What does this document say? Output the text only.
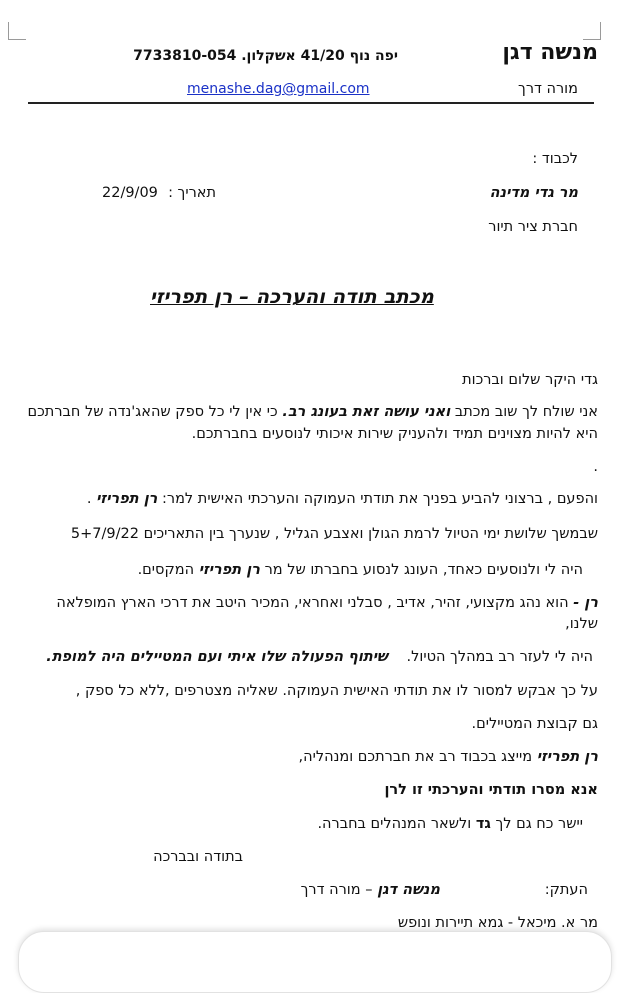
מנשה דגן
יפה נוף 41/20 אשקלון. 7733810-054
מורה דרך
menashe.dag@gmail.com
לכבוד :
מר גדי מדינה
תאריך :
22/9/09
חברת ציר תיור
מכתב תודה והערכה – רן תפריזי
גדי היקר שלום וברכות
אני שולח לך שוב מכתב ואני עושה זאת בעונג רב. כי אין לי כל ספק שהאג'נדה של חברתכם
היא להיות מצוינים תמיד ולהעניק שירות איכותי לנוסעים בחברתכם.
.
והפעם , ברצוני להביע בפניך את תודתי העמוקה והערכתי האישית למר: רן תפריזי .
שבמשך שלושת ימי הטיול לרמת הגולן ואצבע הגליל , שנערך בין התאריכים 5+7/9/22
היה לי ולנוסעים כאחד, העונג לנסוע בחברתו של מר רן תפריזי המקסים.
רן - הוא נהג מקצועי, זהיר, אדיב , סבלני ואחראי, המכיר היטב את דרכי הארץ המופלאה
שלנו,
היה לי לעזר רב במהלך הטיול. שיתוף הפעולה שלו איתי ועם המטיילים היה למופת.
על כך אבקש למסור לו את תודתי האישית העמוקה. שאליה מצטרפים ,ללא כל ספק ,
גם קבוצת המטיילים.
רן תפריזי מייצג בכבוד רב את חברתכם ומנהליה,
אנא מסרו תודתי והערכתי זו לרן
יישר כח גם לך גד ולשאר המנהלים בחברה.
בתודה ובברכה
העתק:
מנשה דגן – מורה דרך
מר א. מיכאל - גמא תיירות ונופש
